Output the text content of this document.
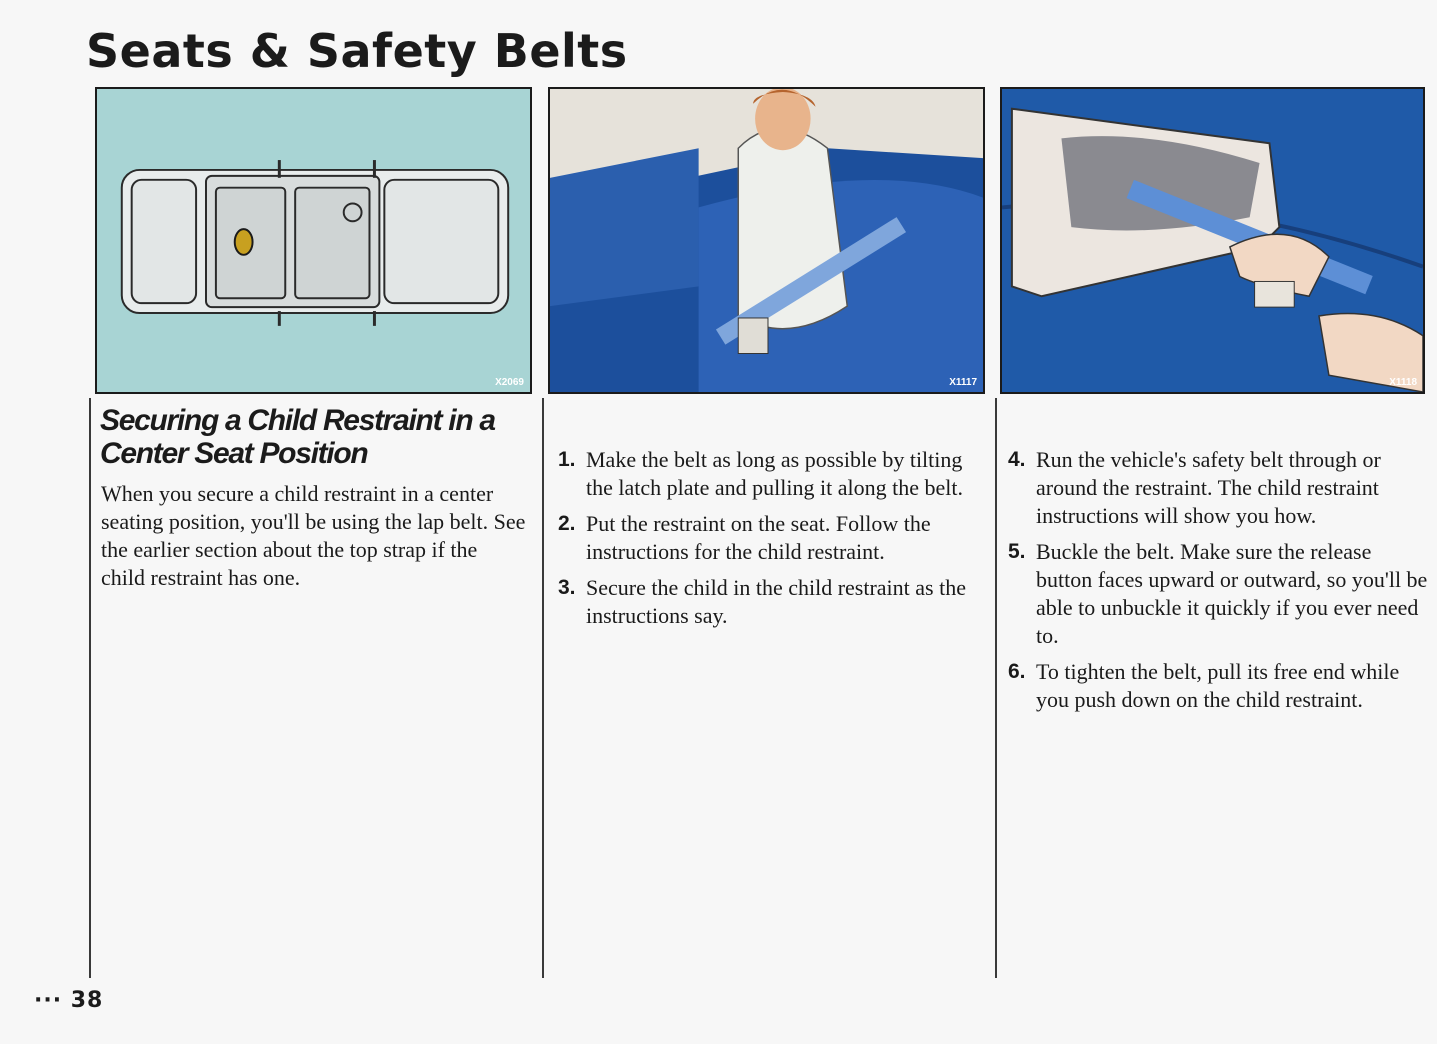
Seats & Safety Belts
X2069	X1117	X1118
Securing a Child Restraint in a Center Seat Position

When you secure a child restraint in a center seating position, you'll be using the lap belt. See the earlier section about the top strap if the child restraint has one.

1. Make the belt as long as possible by tilting the latch plate and pulling it along the belt.
2. Put the restraint on the seat. Follow the instructions for the child restraint.
3. Secure the child in the child restraint as the instructions say.
4. Run the vehicle's safety belt through or around the restraint. The child restraint instructions will show you how.
5. Buckle the belt. Make sure the release button faces upward or outward, so you'll be able to unbuckle it quickly if you ever need to.
6. To tighten the belt, pull its free end while you push down on the child restraint.
··· 38
